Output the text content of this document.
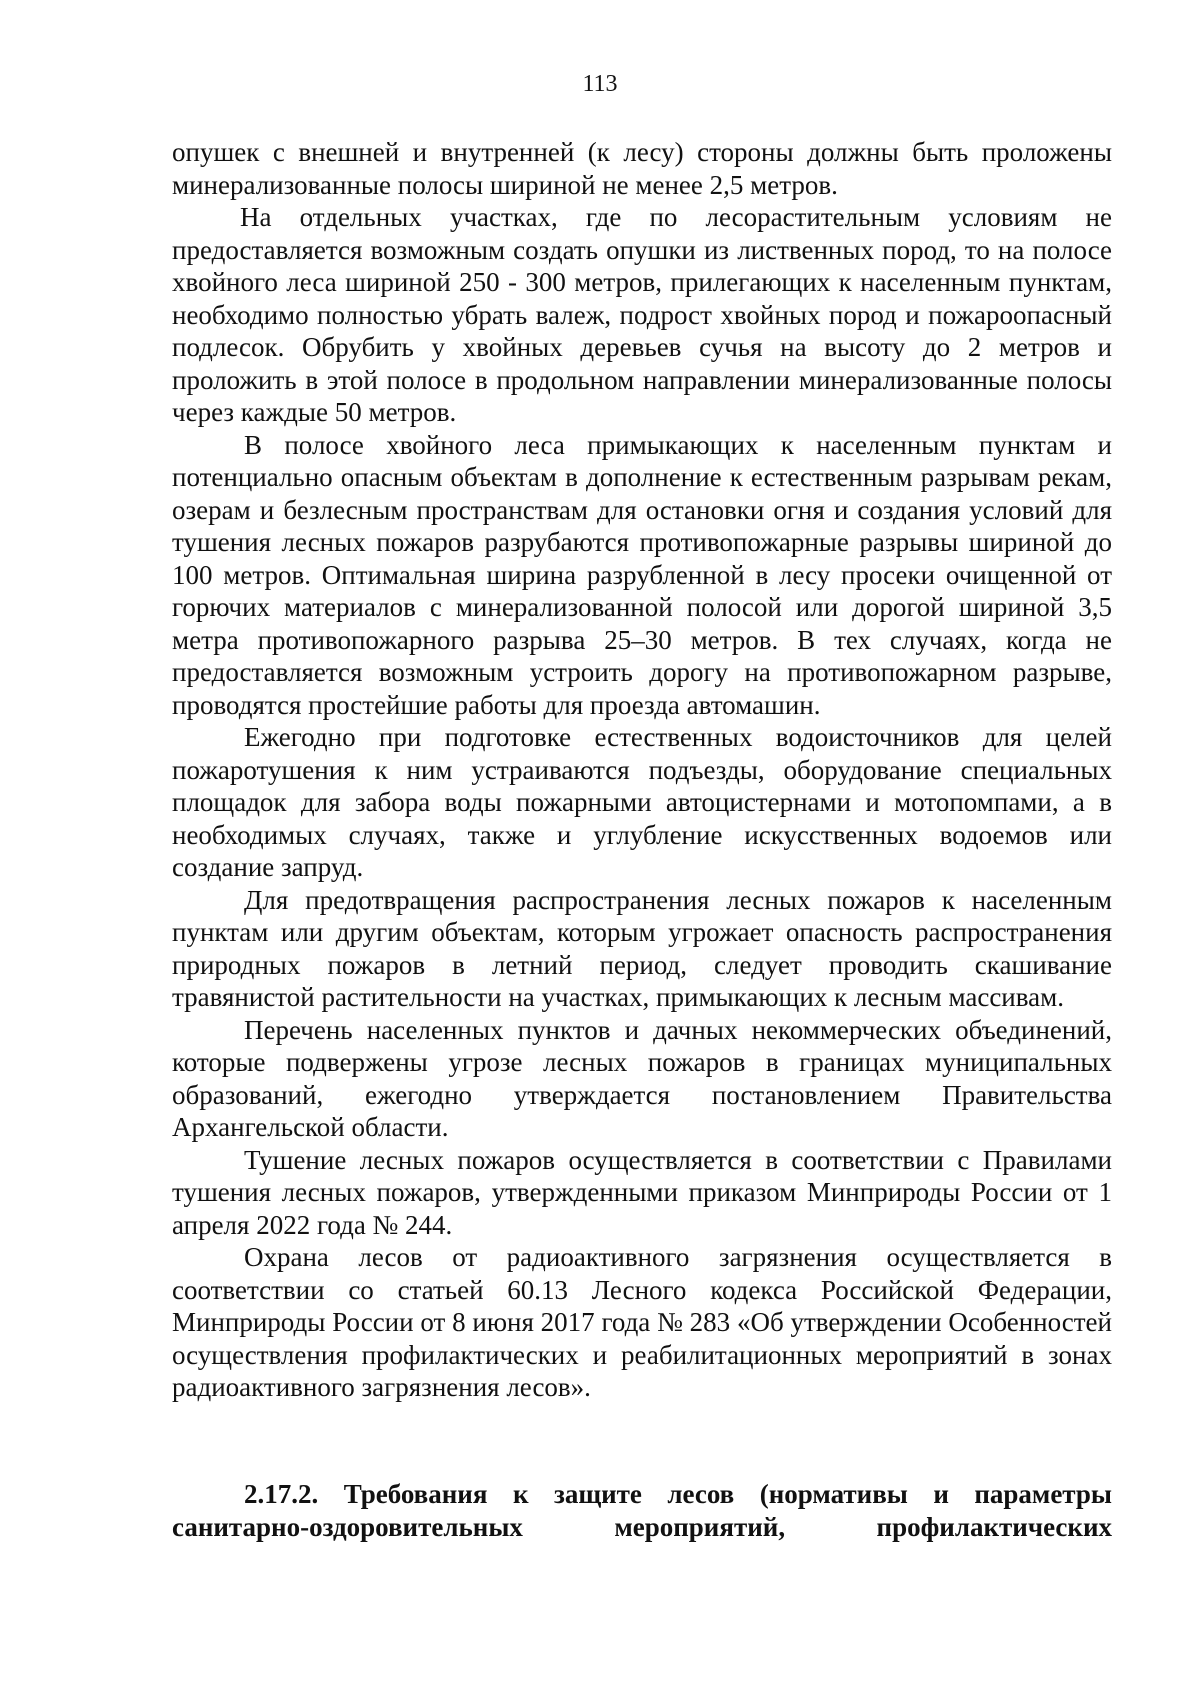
113

опушек с внешней и внутренней (к лесу) стороны должны быть проложены минерализованные полосы шириной не менее 2,5 метров.

На отдельных участках, где по лесорастительным условиям не предоставляется возможным создать опушки из лиственных пород, то на полосе хвойного леса шириной 250 - 300 метров, прилегающих к населенным пунктам, необходимо полностью убрать валеж, подрост хвойных пород и пожароопасный подлесок. Обрубить у хвойных деревьев сучья на высоту до 2 метров и проложить в этой полосе в продольном направлении минерализованные полосы через каждые 50 метров.

В полосе хвойного леса примыкающих к населенным пунктам и потенциально опасным объектам в дополнение к естественным разрывам рекам, озерам и безлесным пространствам для остановки огня и создания условий для тушения лесных пожаров разрубаются противопожарные разрывы шириной до 100 метров. Оптимальная ширина разрубленной в лесу просеки очищенной от горючих материалов с минерализованной полосой или дорогой шириной 3,5 метра противопожарного разрыва 25–30 метров. В тех случаях, когда не предоставляется возможным устроить дорогу на противопожарном разрыве, проводятся простейшие работы для проезда автомашин.

Ежегодно при подготовке естественных водоисточников для целей пожаротушения к ним устраиваются подъезды, оборудование специальных площадок для забора воды пожарными автоцистернами и мотопомпами, а в необходимых случаях, также и углубление искусственных водоемов или создание запруд.

Для предотвращения распространения лесных пожаров к населенным пунктам или другим объектам, которым угрожает опасность распространения природных пожаров в летний период, следует проводить скашивание травянистой растительности на участках, примыкающих к лесным массивам.

Перечень населенных пунктов и дачных некоммерческих объединений, которые подвержены угрозе лесных пожаров в границах муниципальных образований, ежегодно утверждается постановлением Правительства Архангельской области.

Тушение лесных пожаров осуществляется в соответствии с Правилами тушения лесных пожаров, утвержденными приказом Минприроды России от 1 апреля 2022 года № 244.

Охрана лесов от радиоактивного загрязнения осуществляется в соответствии со статьей 60.13 Лесного кодекса Российской Федерации, Минприроды России от 8 июня 2017 года № 283 «Об утверждении Особенностей осуществления профилактических и реабилитационных мероприятий в зонах радиоактивного загрязнения лесов».

2.17.2. Требования к защите лесов (нормативы и параметры санитарно-оздоровительных мероприятий, профилактических
